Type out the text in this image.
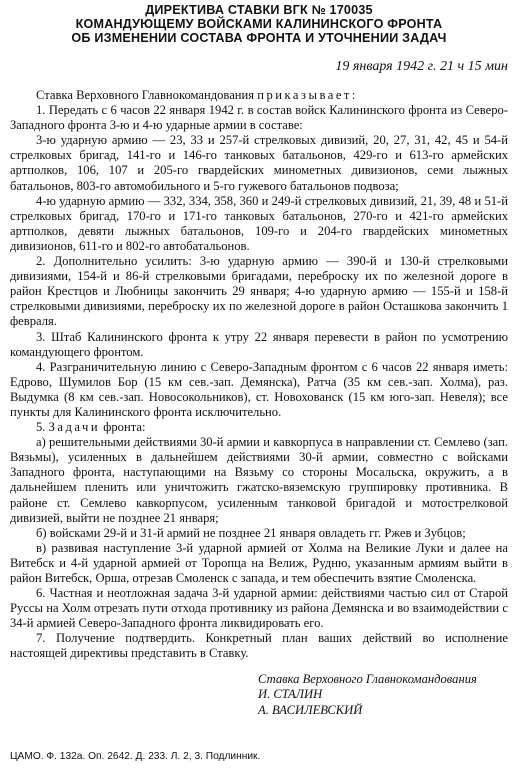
ДИРЕКТИВА СТАВКИ ВГК № 170035
КОМАНДУЮЩЕМУ ВОЙСКАМИ КАЛИНИНСКОГО ФРОНТА
ОБ ИЗМЕНЕНИИ СОСТАВА ФРОНТА И УТОЧНЕНИИ ЗАДАЧ
19 января 1942 г. 21 ч 15 мин

Ставка Верховного Главнокомандования приказывает:

1. Передать с 6 часов 22 января 1942 г. в состав войск Калининского фронта из Северо-Западного фронта 3-ю и 4-ю ударные армии в составе:

3-ю ударную армию — 23, 33 и 257-й стрелковых дивизий, 20, 27, 31, 42, 45 и 54-й стрелковых бригад, 141-го и 146-го танковых батальонов, 429-го и 613-го армейских артполков, 106, 107 и 205-го гвардейских минометных дивизионов, семи лыжных батальонов, 803-го автомобильного и 5-го гужевого батальонов подвоза;

4-ю ударную армию — 332, 334, 358, 360 и 249-й стрелковых дивизий, 21, 39, 48 и 51-й стрелковых бригад, 170-го и 171-го танковых батальонов, 270-го и 421-го армейских артполков, девяти лыжных батальонов, 109-го и 204-го гвардейских минометных дивизионов, 611-го и 802-го автобатальонов.

2. Дополнительно усилить: 3-ю ударную армию — 390-й и 130-й стрелковыми дивизиями, 154-й и 86-й стрелковыми бригадами, переброску их по железной дороге в район Крестцов и Любницы закончить 29 января; 4-ю ударную армию — 155-й и 158-й стрелковыми дивизиями, переброску их по железной дороге в район Осташкова закончить 1 февраля.

3. Штаб Калининского фронта к утру 22 января перевести в район по усмотрению командующего фронтом.

4. Разграничительную линию с Северо-Западным фронтом с 6 часов 22 января иметь: Едрово, Шумилов Бор (15 км сев.-зап. Демянска), Ратча (35 км сев.-зап. Холма), раз. Выдумка (8 км сев.-зап. Новосокольников), ст. Новохованск (15 км юго-зап. Невеля); все пункты для Калининского фронта исключительно.

5. Задачи фронта:

а) решительными действиями 30-й армии и кавкорпуса в направлении ст. Семлево (зап. Вязьмы), усиленных в дальнейшем действиями 30-й армии, совместно с войсками Западного фронта, наступающими на Вязьму со стороны Мосальска, окружить, а в дальнейшем пленить или уничтожить гжатско-вяземскую группировку противника. В районе ст. Семлево кавкорпусом, усиленным танковой бригадой и мотострелковой дивизией, выйти не позднее 21 января;

б) войсками 29-й и 31-й армий не позднее 21 января овладеть гг. Ржев и Зубцов;

в) развивая наступление 3-й ударной армией от Холма на Великие Луки и далее на Витебск и 4-й ударной армией от Торопца на Велиж, Рудню, указанным армиям выйти в район Витебск, Орша, отрезав Смоленск с запада, и тем обеспечить взятие Смоленска.

6. Частная и неотложная задача 3-й ударной армии: действиями частью сил от Старой Руссы на Холм отрезать пути отхода противнику из района Демянска и во взаимодействии с 34-й армией Северо-Западного фронта ликвидировать его.

7. Получение подтвердить. Конкретный план ваших действий во исполнение настоящей директивы представить в Ставку.

Ставка Верховного Главнокомандования
И. СТАЛИН
А. ВАСИЛЕВСКИЙ
ЦАМО. Ф. 132а. Оп. 2642. Д. 233. Л. 2, 3. Подлинник.
